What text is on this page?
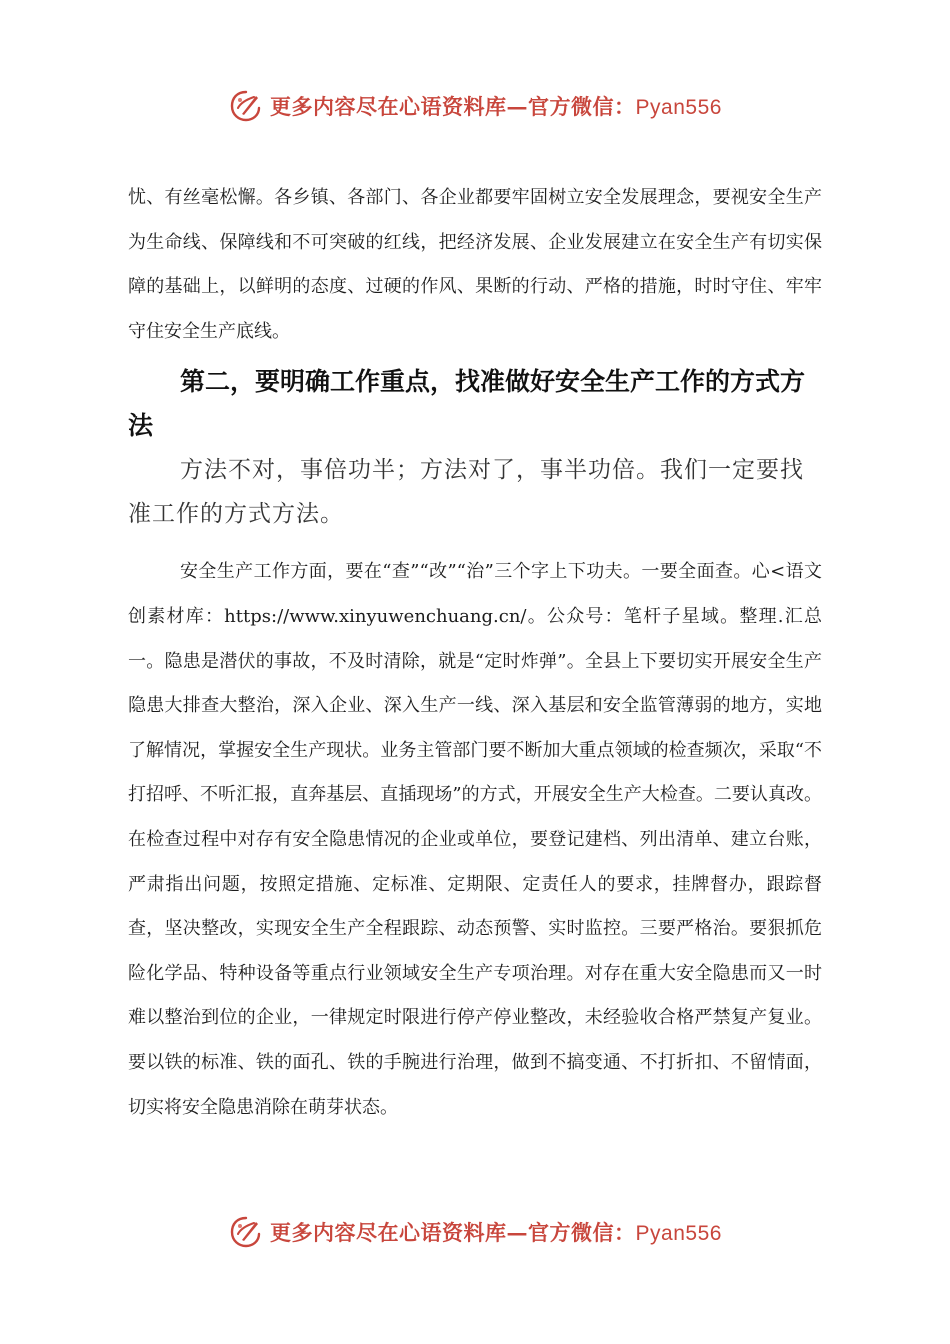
更多内容尽在心语资料库—官方微信：Pyan556

忧、有丝毫松懈。各乡镇、各部门、各企业都要牢固树立安全发展理念，要视安全生产为生命线、保障线和不可突破的红线，把经济发展、企业发展建立在安全生产有切实保障的基础上，以鲜明的态度、过硬的作风、果断的行动、严格的措施，时时守住、牢牢守住安全生产底线。

第二，要明确工作重点，找准做好安全生产工作的方式方法

方法不对，事倍功半；方法对了，事半功倍。我们一定要找准工作的方式方法。

安全生产工作方面，要在“查”“改”“治”三个字上下功夫。一要全面查。心<语文创素材库：https://www.xinyuwenchuang.cn/。公众号：笔杆子星域。整理.汇总一。隐患是潜伏的事故，不及时清除，就是“定时炸弹”。全县上下要切实开展安全生产隐患大排查大整治，深入企业、深入生产一线、深入基层和安全监管薄弱的地方，实地了解情况，掌握安全生产现状。业务主管部门要不断加大重点领域的检查频次，采取“不打招呼、不听汇报，直奔基层、直插现场”的方式，开展安全生产大检查。二要认真改。在检查过程中对存有安全隐患情况的企业或单位，要登记建档、列出清单、建立台账，严肃指出问题，按照定措施、定标准、定期限、定责任人的要求，挂牌督办，跟踪督查，坚决整改，实现安全生产全程跟踪、动态预警、实时监控。三要严格治。要狠抓危险化学品、特种设备等重点行业领域安全生产专项治理。对存在重大安全隐患而又一时难以整治到位的企业，一律规定时限进行停产停业整改，未经验收合格严禁复产复业。要以铁的标准、铁的面孔、铁的手腕进行治理，做到不搞变通、不打折扣、不留情面，切实将安全隐患消除在萌芽状态。

更多内容尽在心语资料库—官方微信：Pyan556
